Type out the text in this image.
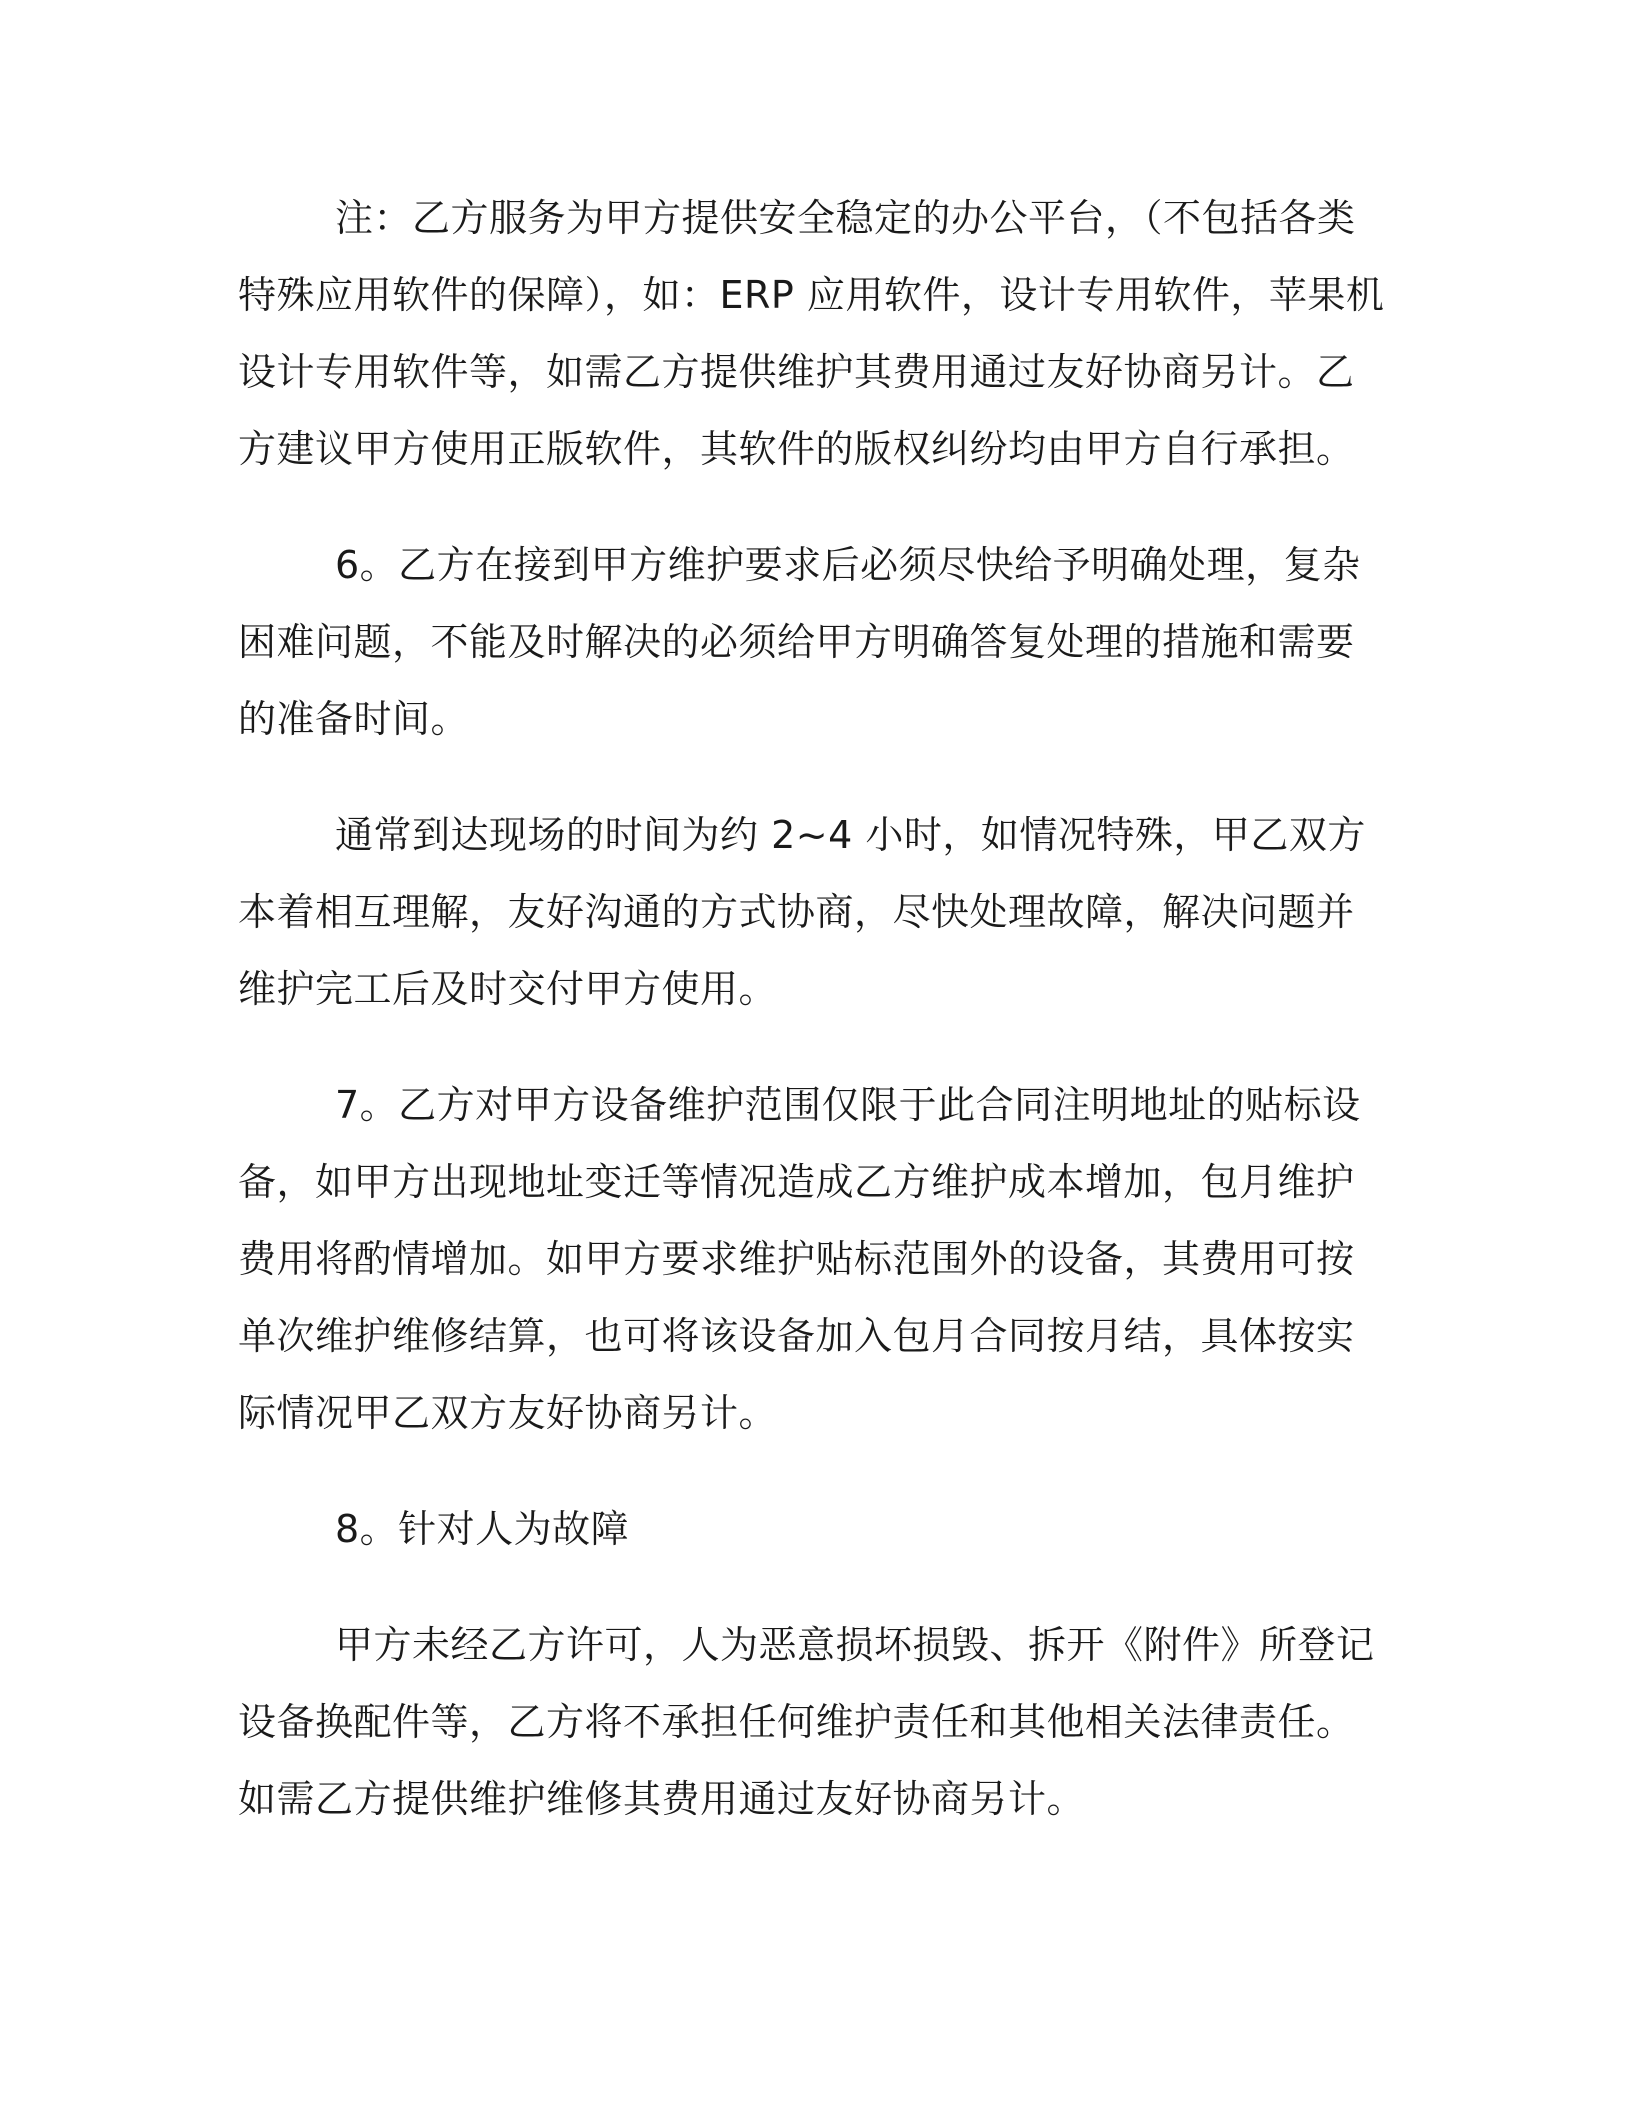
注：乙方服务为甲方提供安全稳定的办公平台，（不包括各类特殊应用软件的保障），如：ERP 应用软件，设计专用软件，苹果机设计专用软件等，如需乙方提供维护其费用通过友好协商另计。乙方建议甲方使用正版软件，其软件的版权纠纷均由甲方自行承担。

6。乙方在接到甲方维护要求后必须尽快给予明确处理，复杂困难问题，不能及时解决的必须给甲方明确答复处理的措施和需要的准备时间。

通常到达现场的时间为约 2~4 小时，如情况特殊，甲乙双方本着相互理解，友好沟通的方式协商，尽快处理故障，解决问题并维护完工后及时交付甲方使用。

7。乙方对甲方设备维护范围仅限于此合同注明地址的贴标设备，如甲方出现地址变迁等情况造成乙方维护成本增加，包月维护费用将酌情增加。如甲方要求维护贴标范围外的设备，其费用可按单次维护维修结算，也可将该设备加入包月合同按月结，具体按实际情况甲乙双方友好协商另计。

8。针对人为故障

甲方未经乙方许可，人为恶意损坏损毁、拆开《附件》所登记设备换配件等，乙方将不承担任何维护责任和其他相关法律责任。如需乙方提供维护维修其费用通过友好协商另计。
